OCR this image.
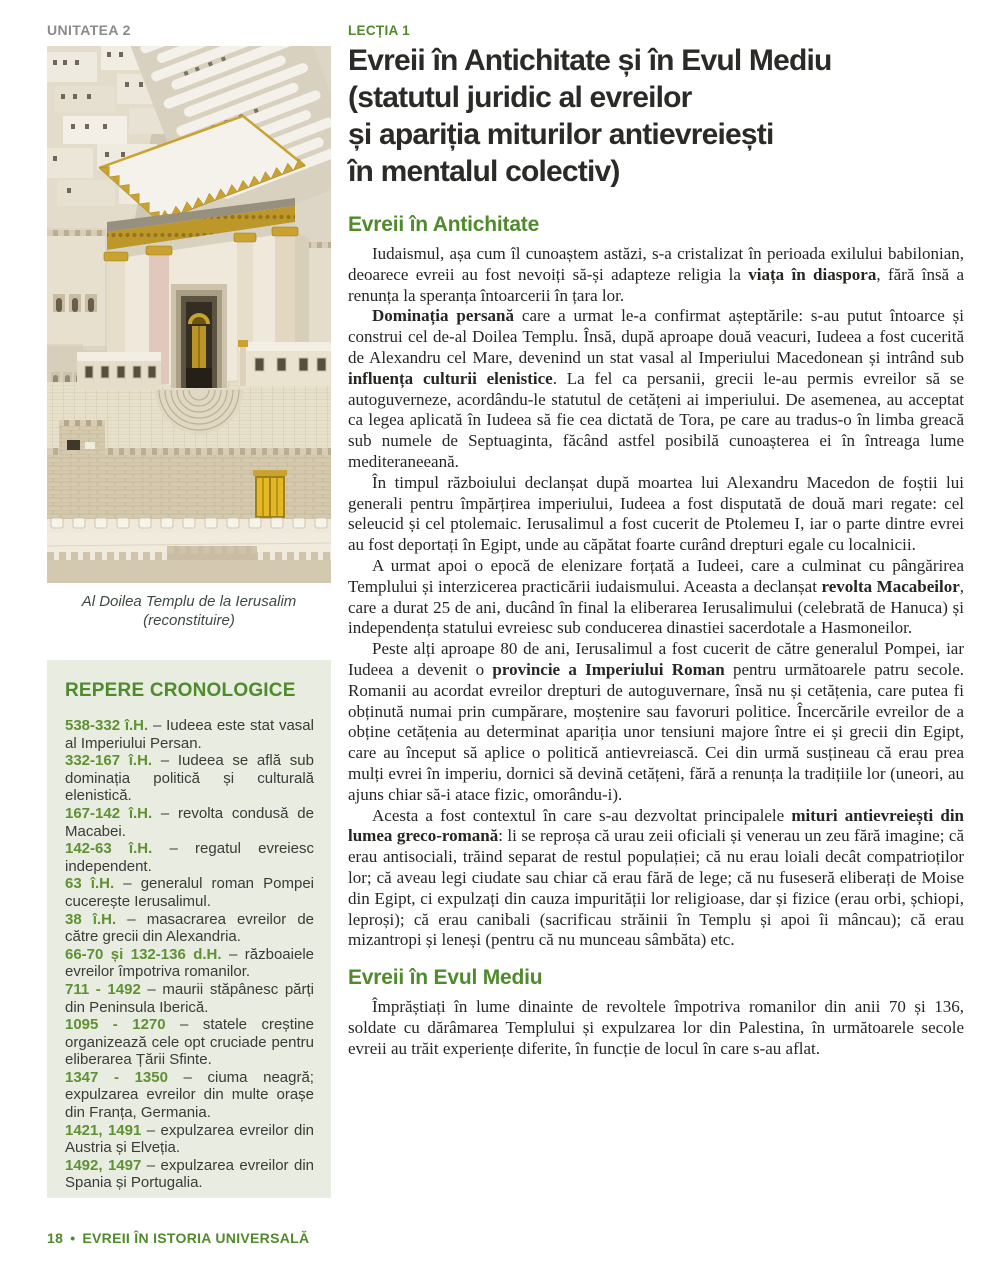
UNITATEA 2	LECȚIA 1
Evreii în Antichitate și în Evul Mediu
(statutul juridic al evreilor
și apariția miturilor antievreiești
în mentalul colectiv)
Al Doilea Templu de la Ierusalim
(reconstituire)
REPERE CRONOLOGICE

538-332 î.H. – Iudeea este stat vasal al Imperiului Persan.

332-167 î.H. – Iudeea se află sub dominația politică și culturală elenistică.

167-142 î.H. – revolta condusă de Macabei.

142-63 î.H. – regatul evreiesc independent.

63 î.H. – generalul roman Pompei cucerește Ierusalimul.

38 î.H. – masacrarea evreilor de către grecii din Alexandria.

66-70 și 132-136 d.H. – războaiele evreilor împotriva romanilor.

711 - 1492 – maurii stăpânesc părți din Peninsula Iberică.

1095 - 1270 – statele creștine organizează cele opt cruciade pentru eliberarea Țării Sfinte.

1347 - 1350 – ciuma neagră; expulzarea evreilor din multe orașe din Franța, Germania.

1421, 1491 – expulzarea evreilor din Austria și Elveția.

1492, 1497 – expulzarea evreilor din Spania și Portugalia.

Evreii în Antichitate

Iudaismul, așa cum îl cunoaștem astăzi, s-a cristalizat în perioada exilului babilonian, deoarece evreii au fost nevoiți să-și adapteze religia la viața în diaspora, fără însă a renunța la speranța întoarcerii în țara lor.

Dominația persană care a urmat le-a confirmat așteptările: s-au putut întoarce și construi cel de-al Doilea Templu. Însă, după aproape două veacuri, Iudeea a fost cucerită de Alexandru cel Mare, devenind un stat vasal al Imperiului Macedonean și intrând sub influența culturii elenistice. La fel ca persanii, grecii le-au permis evreilor să se autoguverneze, acordându-le statutul de cetățeni ai imperiului. De asemenea, au acceptat ca legea aplicată în Iudeea să fie cea dictată de Tora, pe care au tradus-o în limba greacă sub numele de Septuaginta, făcând astfel posibilă cunoașterea ei în întreaga lume mediteraneeană.

În timpul războiului declanșat după moartea lui Alexandru Macedon de foștii lui generali pentru împărțirea imperiului, Iudeea a fost disputată de două mari regate: cel seleucid și cel ptolemaic. Ierusalimul a fost cucerit de Ptolemeu I, iar o parte dintre evrei au fost deportați în Egipt, unde au căpătat foarte curând drepturi egale cu localnicii.

A urmat apoi o epocă de elenizare forțată a Iudeei, care a culminat cu pângărirea Templului și interzicerea practicării iudaismului. Aceasta a declanșat revolta Macabeilor, care a durat 25 de ani, ducând în final la eliberarea Ierusalimului (celebrată de Hanuca) și independența statului evreiesc sub conducerea dinastiei sacerdotale a Hasmoneilor.

Peste alți aproape 80 de ani, Ierusalimul a fost cucerit de către generalul Pompei, iar Iudeea a devenit o provincie a Imperiului Roman pentru următoarele patru secole. Romanii au acordat evreilor drepturi de autoguvernare, însă nu și cetățenia, care putea fi obținută numai prin cumpărare, moștenire sau favoruri politice. Încercările evreilor de a obține cetățenia au determinat apariția unor tensiuni majore între ei și grecii din Egipt, care au început să aplice o politică antievreiască. Cei din urmă susțineau că erau prea mulți evrei în imperiu, dornici să devină cetățeni, fără a renunța la tradițiile lor (uneori, au ajuns chiar să-i atace fizic, omorându-i).

Acesta a fost contextul în care s-au dezvoltat principalele mituri antievreiești din lumea greco-romană: li se reproșa că urau zeii oficiali și venerau un zeu fără imagine; că erau antisociali, trăind separat de restul populației; că nu erau loiali decât compatrioților lor; că aveau legi ciudate sau chiar că erau fără de lege; că nu fuseseră eliberați de Moise din Egipt, ci expulzați din cauza impurității lor religioase, dar și fizice (erau orbi, șchiopi, leproși); că erau canibali (sacrificau străinii în Templu și apoi îi mâncau); că erau mizantropi și leneși (pentru că nu munceau sâmbăta) etc.

Evreii în Evul Mediu

Împrăștiați în lume dinainte de revoltele împotriva romanilor din anii 70 și 136, soldate cu dărâmarea Templului și expulzarea lor din Palestina, în următoarele secole evreii au trăit experiențe diferite, în funcție de locul în care s-au aflat.

18 • EVREII ÎN ISTORIA UNIVERSALĂ
